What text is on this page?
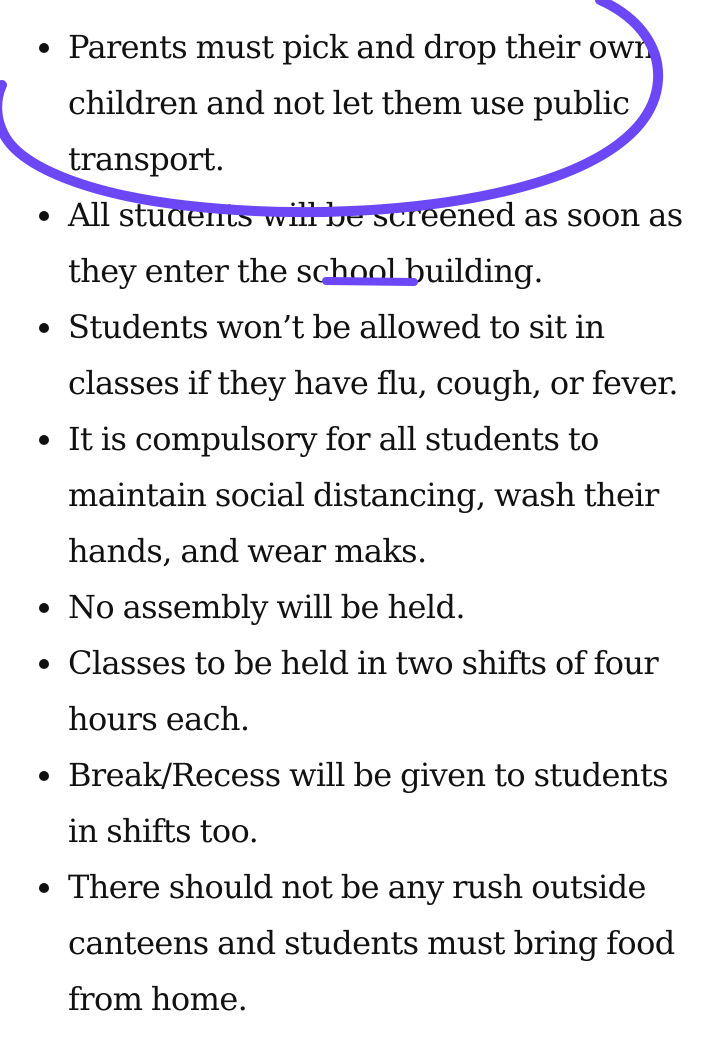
Parents must pick and drop their own children and not let them use public transport.
All students will be screened as soon as they enter the school building.
Students won’t be allowed to sit in classes if they have flu, cough, or fever.
It is compulsory for all students to maintain social distancing, wash their hands, and wear maks.
No assembly will be held.
Classes to be held in two shifts of four hours each.
Break/Recess will be given to students in shifts too.
There should not be any rush outside canteens and students must bring food from home.
